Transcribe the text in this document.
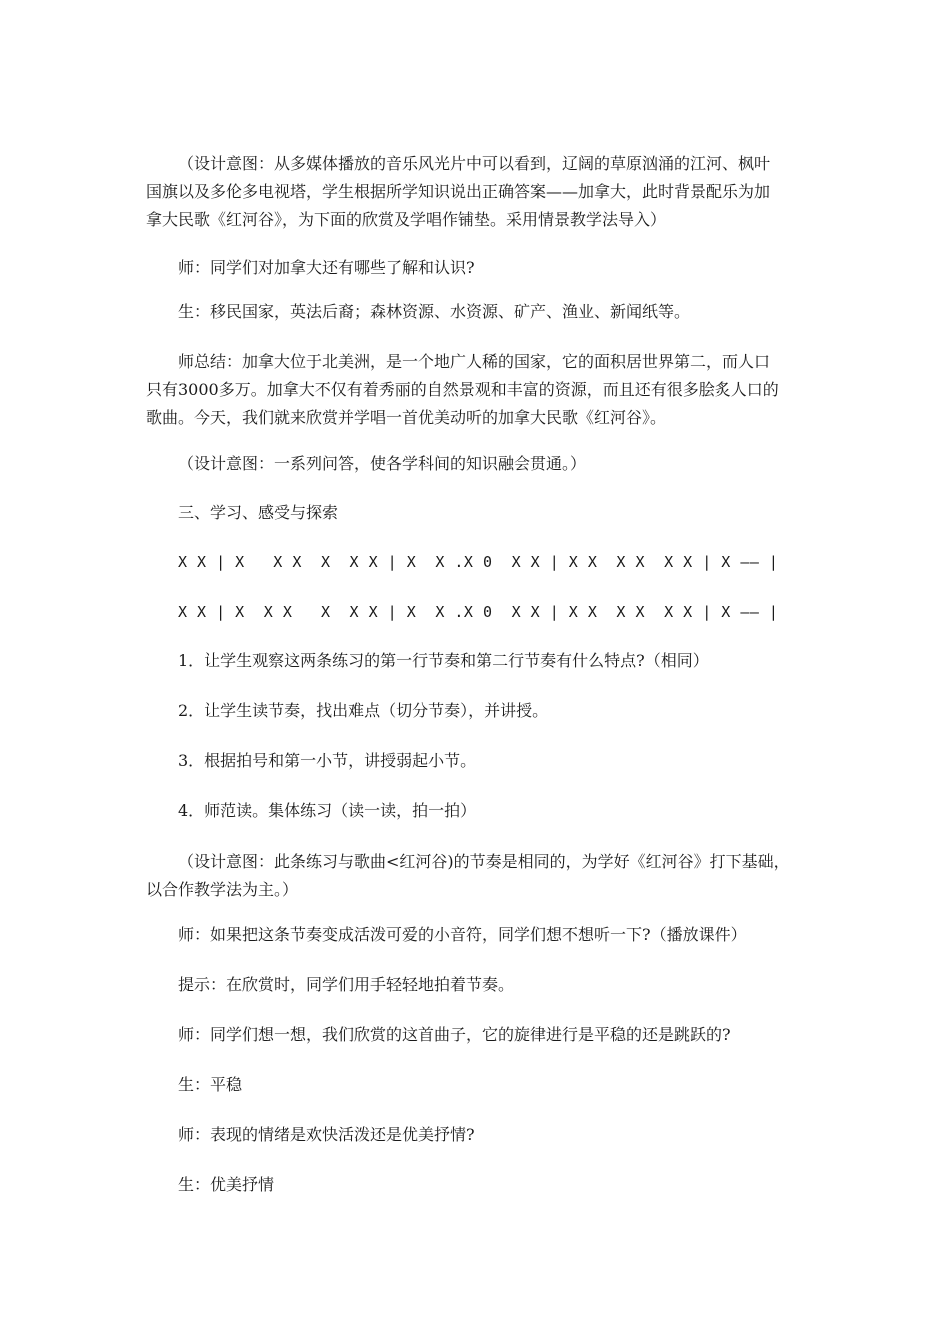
（设计意图：从多媒体播放的音乐风光片中可以看到，辽阔的草原汹涌的江河、枫叶
国旗以及多伦多电视塔，学生根据所学知识说出正确答案——加拿大，此时背景配乐为加
拿大民歌《红河谷》，为下面的欣赏及学唱作铺垫。采用情景教学法导入）
师：同学们对加拿大还有哪些了解和认识?
生：移民国家，英法后裔；森林资源、水资源、矿产、渔业、新闻纸等。
师总结：加拿大位于北美洲，是一个地广人稀的国家，它的面积居世界第二，而人口
只有3000多万。加拿大不仅有着秀丽的自然景观和丰富的资源，而且还有很多脍炙人口的
歌曲。今天，我们就来欣赏并学唱一首优美动听的加拿大民歌《红河谷》。
（设计意图：一系列问答，使各学科间的知识融会贯通。）
三、学习、感受与探索
X X | X   X X  X  X X | X  X .X 0  X X | X X  X X  X X | X —— |
X X | X  X X   X  X X | X  X .X 0  X X | X X  X X  X X | X —— |
1．让学生观察这两条练习的第一行节奏和第二行节奏有什么特点?（相同）
2．让学生读节奏，找出难点（切分节奏），并讲授。
3．根据拍号和第一小节，讲授弱起小节。
4．师范读。集体练习（读一读，拍一拍）
（设计意图：此条练习与歌曲<红河谷)的节奏是相同的，为学好《红河谷》打下基础，
以合作教学法为主。）
师：如果把这条节奏变成活泼可爱的小音符，同学们想不想听一下?（播放课件）
提示：在欣赏时，同学们用手轻轻地拍着节奏。
师：同学们想一想，我们欣赏的这首曲子，它的旋律进行是平稳的还是跳跃的?
生：平稳
师：表现的情绪是欢快活泼还是优美抒情?
生：优美抒情
